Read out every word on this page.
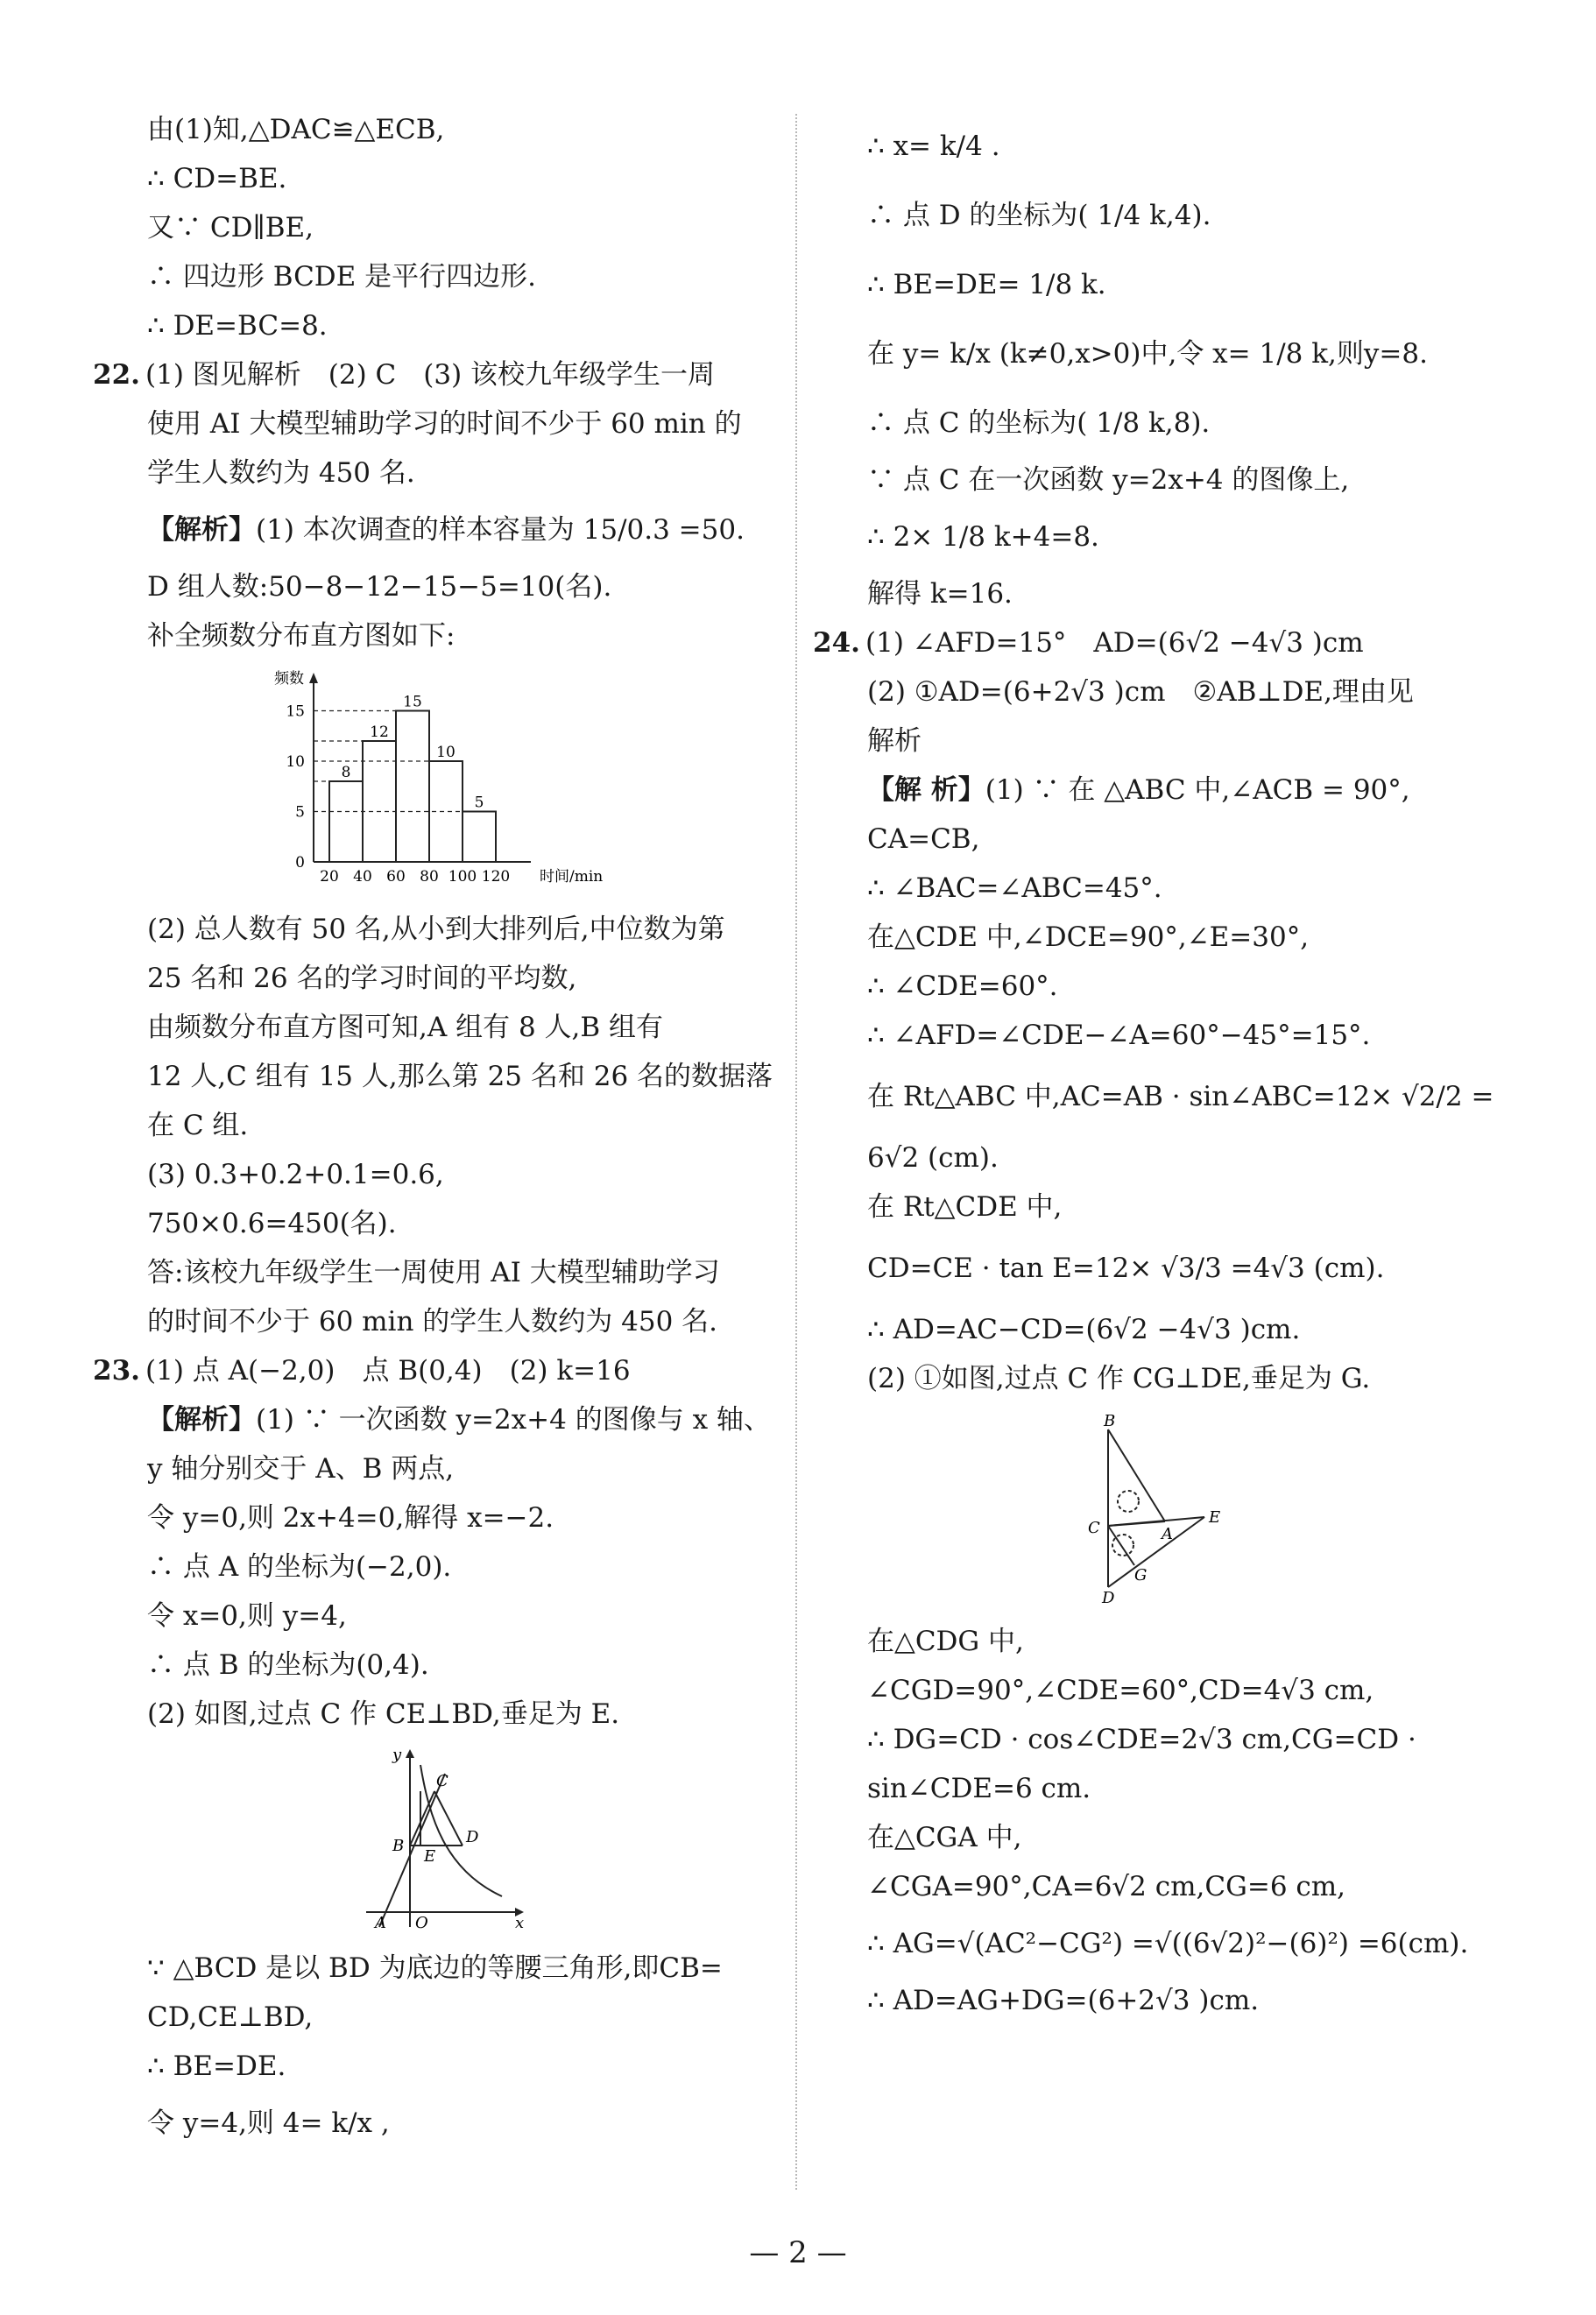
由(1)知,△DAC≌△ECB,
∴ CD=BE.
又∵ CD∥BE,
∴ 四边形 BCDE 是平行四边形.
∴ DE=BC=8.
22. (1) 图见解析　(2) C　(3) 该校九年级学生一周
使用 AI 大模型辅助学习的时间不少于 60 min 的
学生人数约为 450 名.
【解析】(1) 本次调查的样本容量为 15/0.3 =50.
D 组人数:50−8−12−15−5=10(名).
补全频数分布直方图如下:
频数
时间/min
0
5
10
15
20 40 60 80 100 120
8
12
15
10
5
(2) 总人数有 50 名,从小到大排列后,中位数为第
25 名和 26 名的学习时间的平均数,
由频数分布直方图可知,A 组有 8 人,B 组有
12 人,C 组有 15 人,那么第 25 名和 26 名的数据落
在 C 组.
(3) 0.3+0.2+0.1=0.6,
750×0.6=450(名).
答:该校九年级学生一周使用 AI 大模型辅助学习
的时间不少于 60 min 的学生人数约为 450 名.
23. (1) 点 A(−2,0)　点 B(0,4)　(2) k=16
【解析】(1) ∵ 一次函数 y=2x+4 的图像与 x 轴、
y 轴分别交于 A、B 两点,
令 y=0,则 2x+4=0,解得 x=−2.
∴ 点 A 的坐标为(−2,0).
令 x=0,则 y=4,
∴ 点 B 的坐标为(0,4).
(2) 如图,过点 C 作 CE⊥BD,垂足为 E.
y
C
B
E
D
A O	x
∵ △BCD 是以 BD 为底边的等腰三角形,即CB=
CD,CE⊥BD,
∴ BE=DE.
令 y=4,则 4= k/x ,
∴ x= k/4 .
∴ 点 D 的坐标为( 1/4 k,4).
∴ BE=DE= 1/8 k.
在 y= k/x (k≠0,x>0)中,令 x= 1/8 k,则y=8.
∴ 点 C 的坐标为( 1/8 k,8).
∵ 点 C 在一次函数 y=2x+4 的图像上,
∴ 2× 1/8 k+4=8.
解得 k=16.
24. (1) ∠AFD=15°　AD=(6√2 −4√3 )cm
(2) ①AD=(6+2√3 )cm　②AB⊥DE,理由见
解析
【解 析】(1) ∵ 在 △ABC 中,∠ACB = 90°,
CA=CB,
∴ ∠BAC=∠ABC=45°.
在△CDE 中,∠DCE=90°,∠E=30°,
∴ ∠CDE=60°.
∴ ∠AFD=∠CDE−∠A=60°−45°=15°.
在 Rt△ABC 中,AC=AB · sin∠ABC=12× √2/2 =
6√2 (cm).
在 Rt△CDE 中,
CD=CE · tan E=12× √3/3 =4√3 (cm).
∴ AD=AC−CD=(6√2 −4√3 )cm.
(2) ①如图,过点 C 作 CG⊥DE,垂足为 G.
B
C
E
A
G
D
在△CDG 中,
∠CGD=90°,∠CDE=60°,CD=4√3 cm,
∴ DG=CD · cos∠CDE=2√3 cm,CG=CD ·
sin∠CDE=6 cm.
在△CGA 中,
∠CGA=90°,CA=6√2 cm,CG=6 cm,
∴ AG=√(AC²−CG²) =√((6√2)²−(6)²) =6(cm).
∴ AD=AG+DG=(6+2√3 )cm.
— 2 —
